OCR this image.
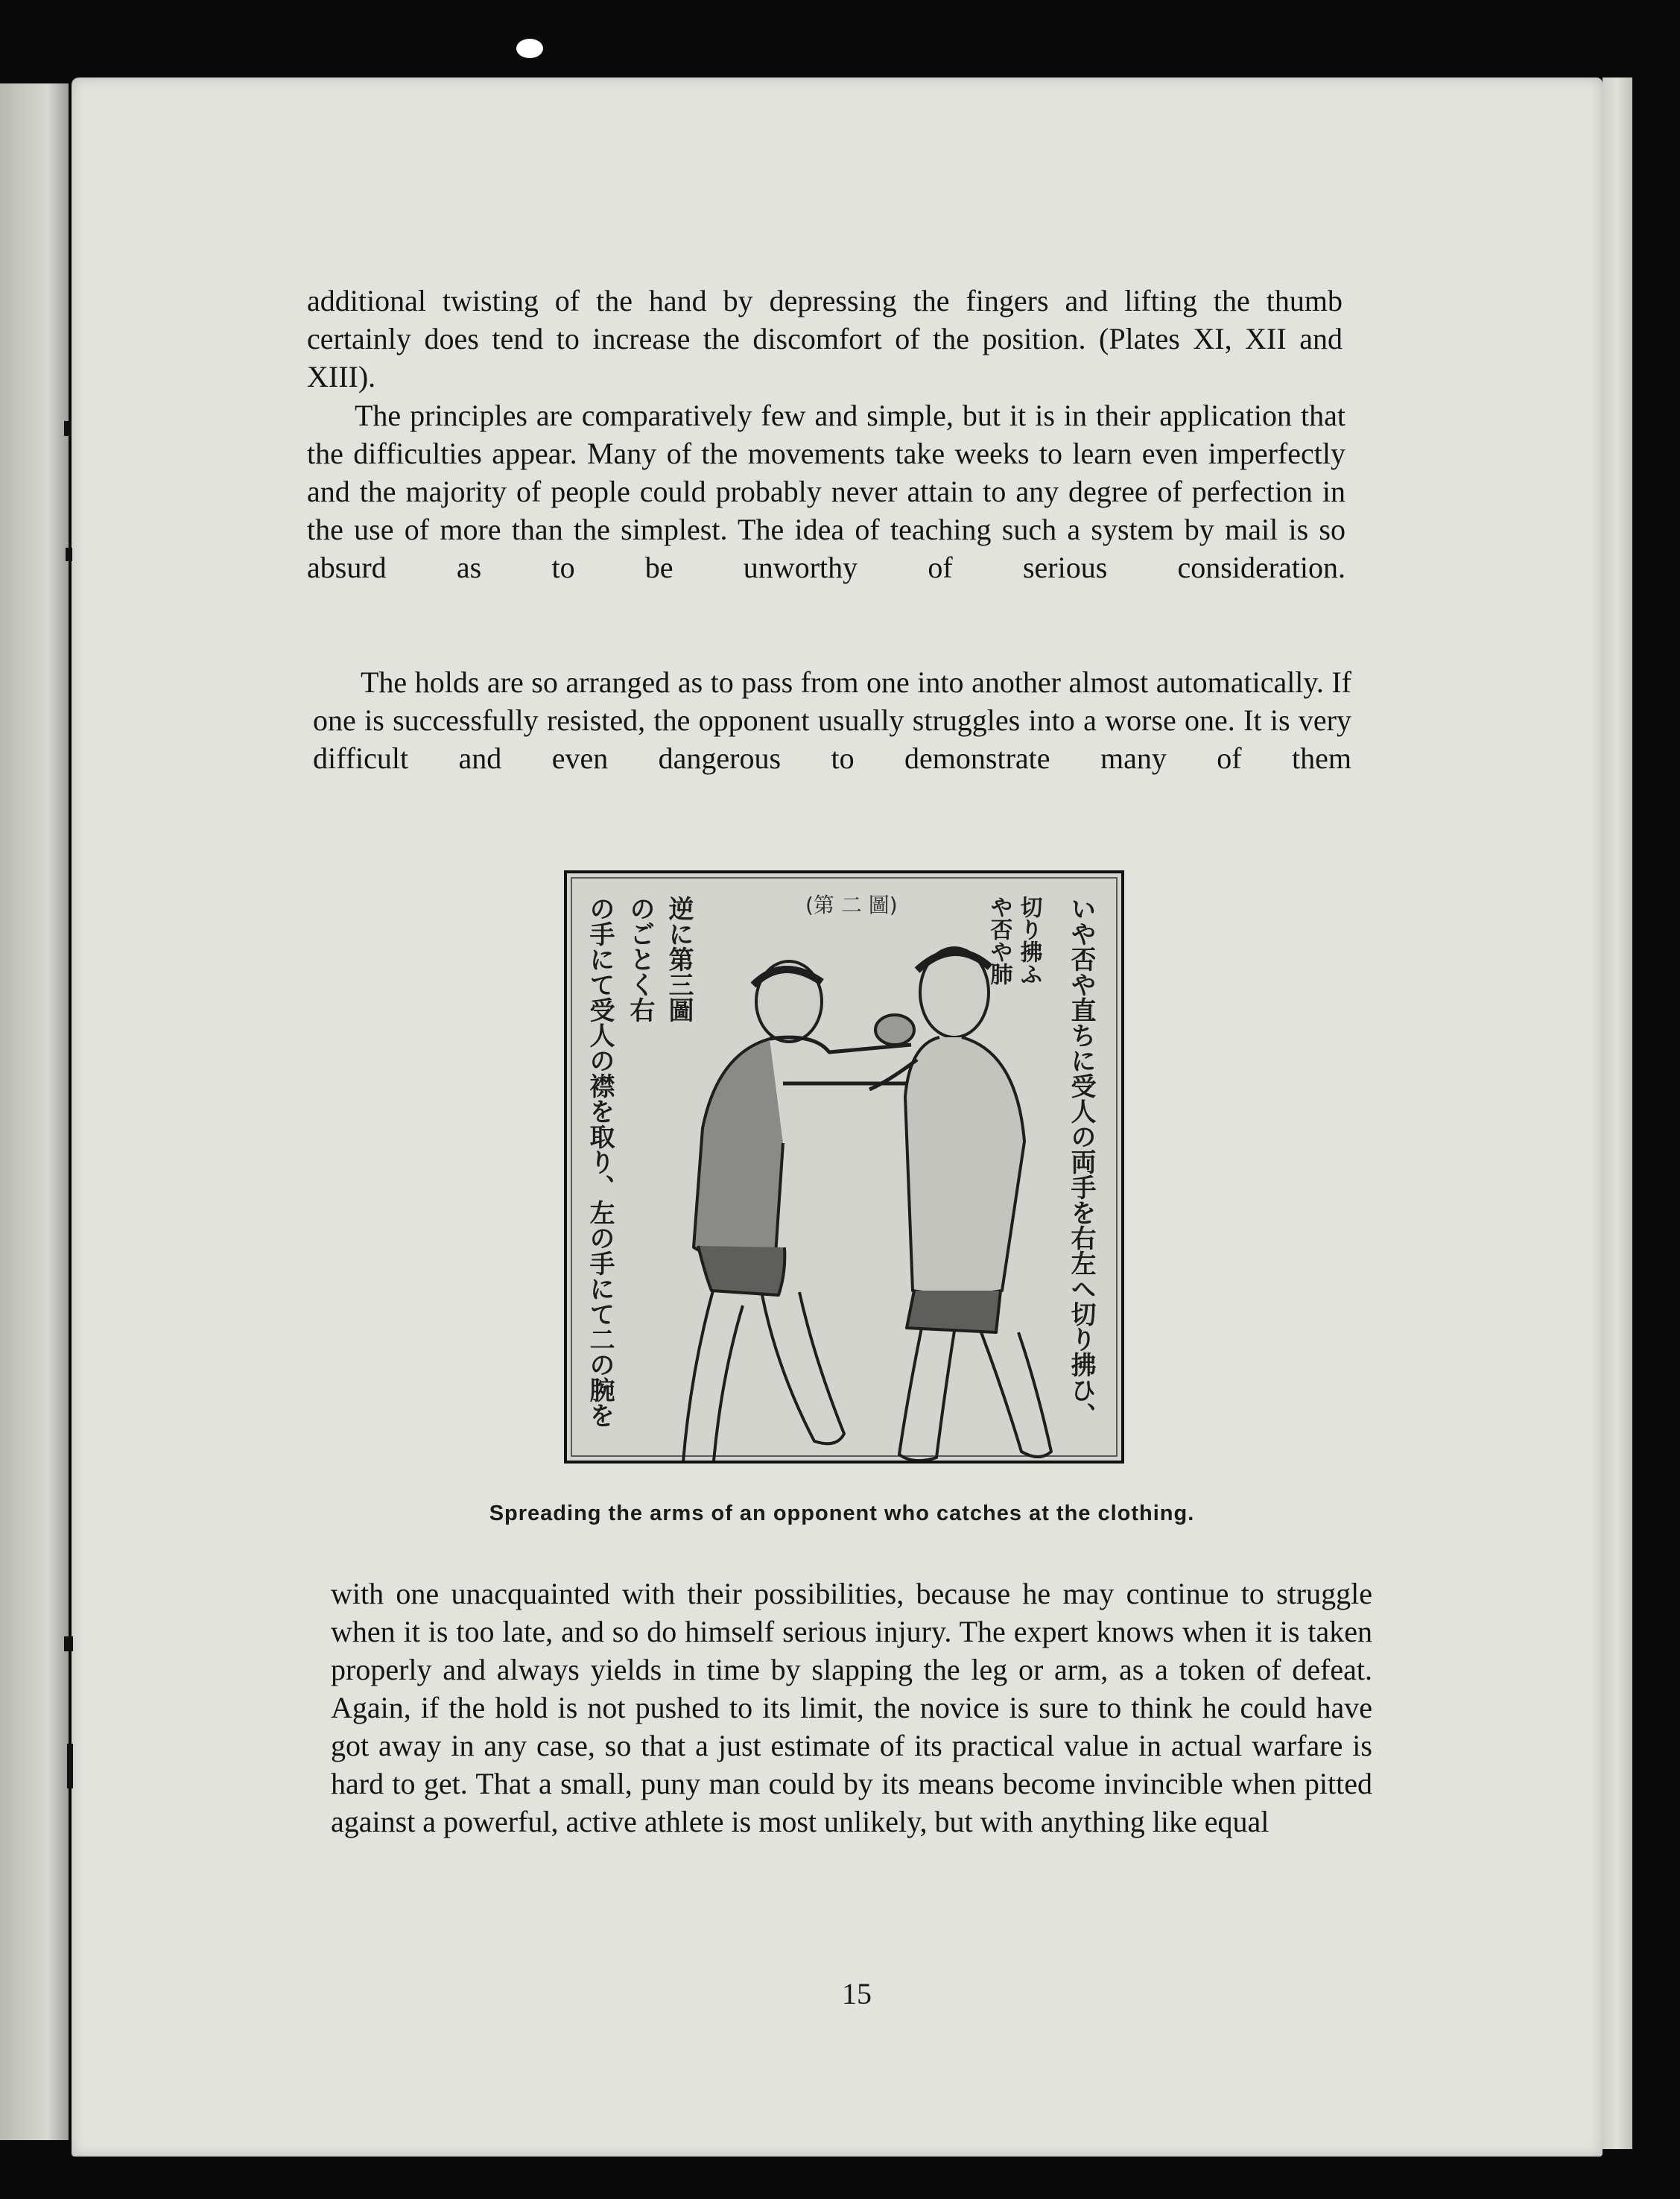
additional twisting of the hand by depressing the fingers and lifting the thumb certainly does tend to increase the discomfort of the position. (Plates XI, XII and XIII).

The principles are comparatively few and simple, but it is in their application that the difficulties appear. Many of the movements take weeks to learn even imperfectly and the majority of people could probably never attain to any degree of perfection in the use of more than the simplest. The idea of teaching such a system by mail is so absurd as to be unworthy of serious consideration.

The holds are so arranged as to pass from one into another almost automatically. If one is successfully resisted, the opponent usually struggles into a worse one. It is very difficult and even dangerous to demonstrate many of them

(第 二 圖)	いや否や直ちに受人の両手を右左へ切り拂ひ、
切り拂ふ
や否や肺
逆に第三圖
のごとく右
の手にて受人の襟を取り、左の手にて二の腕を
Spreading the arms of an opponent who catches at the clothing.

with one unacquainted with their possibilities, because he may continue to struggle when it is too late, and so do himself serious injury. The expert knows when it is taken properly and always yields in time by slapping the leg or arm, as a token of defeat. Again, if the hold is not pushed to its limit, the novice is sure to think he could have got away in any case, so that a just estimate of its practical value in actual warfare is hard to get. That a small, puny man could by its means become invincible when pitted against a powerful, active athlete is most unlikely, but with anything like equal

15
